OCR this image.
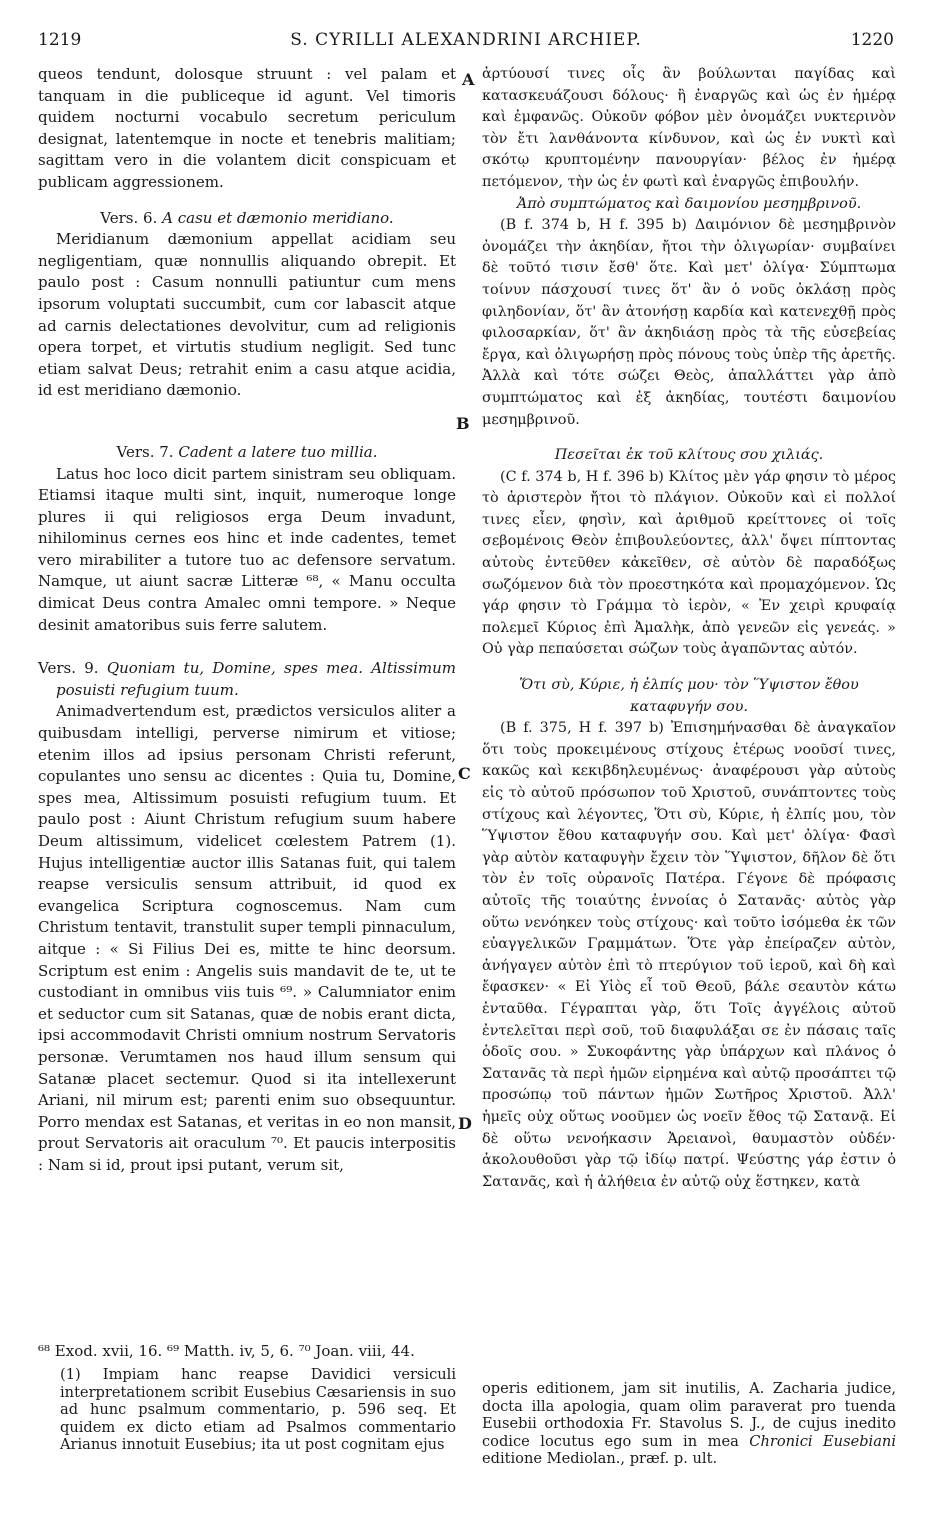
1219	S. CYRILLI ALEXANDRINI ARCHIEP.	1220

queos tendunt, dolosque struunt : vel palam et tanquam in die publiceque id agunt. Vel timoris quidem nocturni vocabulo secretum periculum designat, latentemque in nocte et tenebris malitiam; sagittam vero in die volantem dicit conspicuam et publicam aggressionem.

Vers. 6. A casu et dæmonio meridiano.

Meridianum dæmonium appellat acidiam seu negligentiam, quæ nonnullis aliquando obrepit. Et paulo post : Casum nonnulli patiuntur cum mens ipsorum voluptati succumbit, cum cor labascit atque ad carnis delectationes devolvitur, cum ad religionis opera torpet, et virtutis studium negligit. Sed tunc etiam salvat Deus; retrahit enim a casu atque acidia, id est meridiano dæmonio.

Vers. 7. Cadent a latere tuo millia.

Latus hoc loco dicit partem sinistram seu obliquam. Etiamsi itaque multi sint, inquit, numeroque longe plures ii qui religiosos erga Deum invadunt, nihilominus cernes eos hinc et inde cadentes, temet vero mirabiliter a tutore tuo ac defensore servatum. Namque, ut aiunt sacræ Litteræ ⁶⁸, « Manu occulta dimicat Deus contra Amalec omni tempore. » Neque desinit amatoribus suis ferre salutem.

Vers. 9. Quoniam tu, Domine, spes mea. Altissimum posuisti refugium tuum.

Animadvertendum est, prædictos versiculos aliter a quibusdam intelligi, perverse nimirum et vitiose; etenim illos ad ipsius personam Christi referunt, copulantes uno sensu ac dicentes : Quia tu, Domine, spes mea, Altissimum posuisti refugium tuum. Et paulo post : Aiunt Christum refugium suum habere Deum altissimum, videlicet cœlestem Patrem (1). Hujus intelligentiæ auctor illis Satanas fuit, qui talem reapse versiculis sensum attribuit, id quod ex evangelica Scriptura cognoscemus. Nam cum Christum tentavit, transtulit super templi pinnaculum, aitque : « Si Filius Dei es, mitte te hinc deorsum. Scriptum est enim : Angelis suis mandavit de te, ut te custodiant in omnibus viis tuis ⁶⁹. » Calumniator enim et seductor cum sit Satanas, quæ de nobis erant dicta, ipsi accommodavit Christi omnium nostrum Servatoris personæ. Verumtamen nos haud illum sensum qui Satanæ placet sectemur. Quod si ita intellexerunt Ariani, nil mirum est; parenti enim suo obsequuntur. Porro mendax est Satanas, et veritas in eo non mansit, prout Servatoris ait oraculum ⁷⁰. Et paucis interpositis : Nam si id, prout ipsi putant, verum sit,

ἀρτύουσί τινες οἷς ἂν βούλωνται παγίδας καὶ κατασκευάζουσι δόλους· ἢ ἐναργῶς καὶ ὡς ἐν ἡμέρᾳ καὶ ἐμφανῶς. Οὐκοῦν φόβον μὲν ὀνομάζει νυκτερινὸν τὸν ἔτι λανθάνοντα κίνδυνον, καὶ ὡς ἐν νυκτὶ καὶ σκότῳ κρυπτομένην πανουργίαν· βέλος ἐν ἡμέρᾳ πετόμενον, τὴν ὡς ἐν φωτὶ καὶ ἐναργῶς ἐπιβουλήν.

Ἀπὸ συμπτώματος καὶ δαιμονίου μεσημβρινοῦ.

(B f. 374 b, H f. 395 b) Δαιμόνιον δὲ μεσημβρινὸν ὀνομάζει τὴν ἀκηδίαν, ἤτοι τὴν ὀλιγωρίαν· συμβαίνει δὲ τοῦτό τισιν ἔσθ' ὅτε. Καὶ μετ' ὀλίγα· Σύμπτωμα τοίνυν πάσχουσί τινες ὅτ' ἂν ὁ νοῦς ὀκλάσῃ πρὸς φιληδονίαν, ὅτ' ἂν ἀτονήσῃ καρδία καὶ κατενεχθῇ πρὸς φιλοσαρκίαν, ὅτ' ἂν ἀκηδιάσῃ πρὸς τὰ τῆς εὐσεβείας ἔργα, καὶ ὀλιγωρήσῃ πρὸς πόνους τοὺς ὑπὲρ τῆς ἀρετῆς. Ἀλλὰ καὶ τότε σώζει Θεὸς, ἀπαλλάττει γὰρ ἀπὸ συμπτώματος καὶ ἐξ ἀκηδίας, τουτέστι δαιμονίου μεσημβρινοῦ.

Πεσεῖται ἐκ τοῦ κλίτους σου χιλιάς.

(C f. 374 b, H f. 396 b) Κλίτος μὲν γάρ φησιν τὸ μέρος τὸ ἀριστερὸν ἤτοι τὸ πλάγιον. Οὐκοῦν καὶ εἰ πολλοί τινες εἶεν, φησὶν, καὶ ἀριθμοῦ κρείττονες οἱ τοῖς σεβομένοις Θεὸν ἐπιβουλεύοντες, ἀλλ' ὄψει πίπτοντας αὐτοὺς ἐντεῦθεν κἀκεῖθεν, σὲ αὐτὸν δὲ παραδόξως σωζόμενον διὰ τὸν προεστηκότα καὶ προμαχόμενον. Ὡς γάρ φησιν τὸ Γράμμα τὸ ἱερὸν, « Ἐν χειρὶ κρυφαίᾳ πολεμεῖ Κύριος ἐπὶ Ἀμαλὴκ, ἀπὸ γενεῶν εἰς γενεάς. » Οὐ γὰρ πεπαύσεται σώζων τοὺς ἀγαπῶντας αὐτόν.

Ὅτι σὺ, Κύριε, ἡ ἐλπίς μου· τὸν Ὕψιστον ἔθου καταφυγήν σου.

(B f. 375, H f. 397 b) Ἐπισημήνασθαι δὲ ἀναγκαῖον ὅτι τοὺς προκειμένους στίχους ἑτέρως νοοῦσί τινες, κακῶς καὶ κεκιβδηλευμένως· ἀναφέρουσι γὰρ αὐτοὺς εἰς τὸ αὐτοῦ πρόσωπον τοῦ Χριστοῦ, συνάπτοντες τοὺς στίχους καὶ λέγοντες, Ὅτι σὺ, Κύριε, ἡ ἐλπίς μου, τὸν Ὕψιστον ἔθου καταφυγήν σου. Καὶ μετ' ὀλίγα· Φασὶ γὰρ αὐτὸν καταφυγὴν ἔχειν τὸν Ὕψιστον, δῆλον δὲ ὅτι τὸν ἐν τοῖς οὐρανοῖς Πατέρα. Γέγονε δὲ πρόφασις αὐτοῖς τῆς τοιαύτης ἐννοίας ὁ Σατανᾶς· αὐτὸς γὰρ οὕτω νενόηκεν τοὺς στίχους· καὶ τοῦτο ἰσόμεθα ἐκ τῶν εὐαγγελικῶν Γραμμάτων. Ὅτε γὰρ ἐπείραζεν αὐτὸν, ἀνήγαγεν αὐτὸν ἐπὶ τὸ πτερύγιον τοῦ ἱεροῦ, καὶ δὴ καὶ ἔφασκεν· « Εἰ Υἱὸς εἶ τοῦ Θεοῦ, βάλε σεαυτὸν κάτω ἐνταῦθα. Γέγραπται γὰρ, ὅτι Τοῖς ἀγγέλοις αὐτοῦ ἐντελεῖται περὶ σοῦ, τοῦ διαφυλάξαι σε ἐν πάσαις ταῖς ὁδοῖς σου. » Συκοφάντης γὰρ ὑπάρχων καὶ πλάνος ὁ Σατανᾶς τὰ περὶ ἡμῶν εἰρημένα καὶ αὐτῷ προσάπτει τῷ προσώπῳ τοῦ πάντων ἡμῶν Σωτῆρος Χριστοῦ. Ἀλλ' ἡμεῖς οὐχ οὕτως νοοῦμεν ὡς νοεῖν ἔθος τῷ Σατανᾷ. Εἰ δὲ οὕτω νενοήκασιν Ἀρειανοὶ, θαυμαστὸν οὐδέν· ἀκολουθοῦσι γὰρ τῷ ἰδίῳ πατρί. Ψεύστης γάρ ἐστιν ὁ Σατανᾶς, καὶ ἡ ἀλήθεια ἐν αὐτῷ οὐχ ἕστηκεν, κατὰ

A
B
C
D
⁶⁸ Exod. xvii, 16. ⁶⁹ Matth. iv, 5, 6. ⁷⁰ Joan. viii, 44.

(1) Impiam hanc reapse Davidici versiculi interpretationem scribit Eusebius Cæsariensis in suo ad hunc psalmum commentario, p. 596 seq. Et quidem ex dicto etiam ad Psalmos commentario Arianus innotuit Eusebius; ita ut post cognitam ejus

operis editionem, jam sit inutilis, A. Zacharia judice, docta illa apologia, quam olim paraverat pro tuenda Eusebii orthodoxia Fr. Stavolus S. J., de cujus inedito codice locutus ego sum in mea Chronici Eusebiani editione Mediolan., præf. p. ult.
